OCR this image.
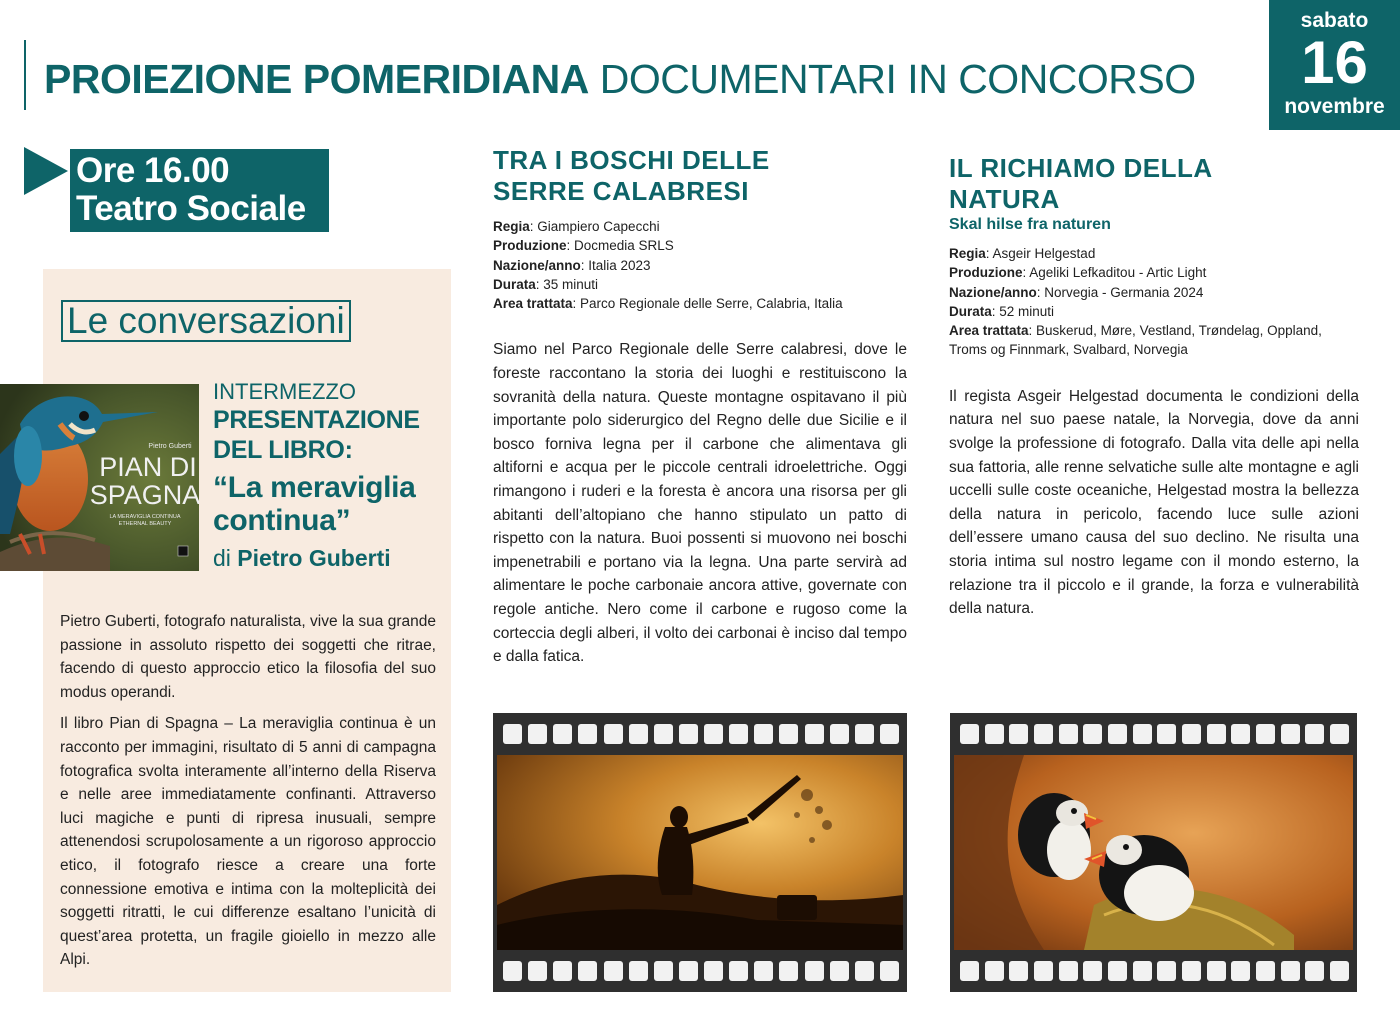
PROIEZIONE POMERIDIANA DOCUMENTARI IN CONCORSO
sabato
16
novembre
Ore 16.00
Teatro Sociale
Le conversazioni
Pietro Guberti
PIAN DI
SPAGNA
LA MERAVIGLIA CONTINUA
ETHERNAL BEAUTY
INTERMEZZO
PRESENTAZIONE
DEL LIBRO:
“La meraviglia
continua”
di Pietro Guberti

Pietro Guberti, fotografo naturalista, vive la sua grande passione in assoluto rispetto dei soggetti che ritrae, facendo di questo approccio etico la filosofia del suo modus operandi.

Il libro Pian di Spagna – La meraviglia continua è un racconto per immagini, risultato di 5 anni di campagna fotografica svolta interamente all’interno della Riserva e nelle aree immediatamente confinanti. Attraverso luci magiche e punti di ripresa inusuali, sempre attenendosi scrupolosamente a un rigoroso approccio etico, il fotografo riesce a creare una forte connessione emotiva e intima con la molteplicità dei soggetti ritratti, le cui differenze esaltano l’unicità di quest’area protetta, un fragile gioiello in mezzo alle Alpi.

TRA I BOSCHI DELLE
SERRE CALABRESI
Regia: Giampiero Capecchi
Produzione: Docmedia SRLS
Nazione/anno: Italia 2023
Durata: 35 minuti
Area trattata: Parco Regionale delle Serre, Calabria, Italia

Siamo nel Parco Regionale delle Serre calabresi, dove le foreste raccontano la storia dei luoghi e restituiscono la sovranità della natura. Queste montagne ospitavano il più importante polo siderurgico del Regno delle due Sicilie e il bosco forniva legna per il carbone che alimentava gli altiforni e acqua per le piccole centrali idroelettriche. Oggi rimangono i ruderi e la foresta è ancora una risorsa per gli abitanti dell’altopiano che hanno stipulato un patto di rispetto con la natura. Buoi possenti si muovono nei boschi impenetrabili e portano via la legna. Una parte servirà ad alimentare le poche carbonaie ancora attive, governate con regole antiche. Nero come il carbone e rugoso come la corteccia degli alberi, il volto dei carbonai è inciso dal tempo e dalla fatica.

IL RICHIAMO DELLA
NATURA
Skal hilse fra naturen
Regia: Asgeir Helgestad
Produzione: Ageliki Lefkaditou - Artic Light
Nazione/anno: Norvegia - Germania 2024
Durata: 52 minuti
Area trattata: Buskerud, Møre, Vestland, Trøndelag, Oppland, Troms og Finnmark, Svalbard, Norvegia

Il regista Asgeir Helgestad documenta le condizioni della natura nel suo paese natale, la Norvegia, dove da anni svolge la professione di fotografo. Dalla vita delle api nella sua fattoria, alle renne selvatiche sulle alte montagne e agli uccelli sulle coste oceaniche, Helgestad mostra la bellezza della natura in pericolo, facendo luce sulle azioni dell’essere umano causa del suo declino. Ne risulta una storia intima sul nostro legame con il mondo esterno, la relazione tra il piccolo e il grande, la forza e vulnerabilità della natura.
